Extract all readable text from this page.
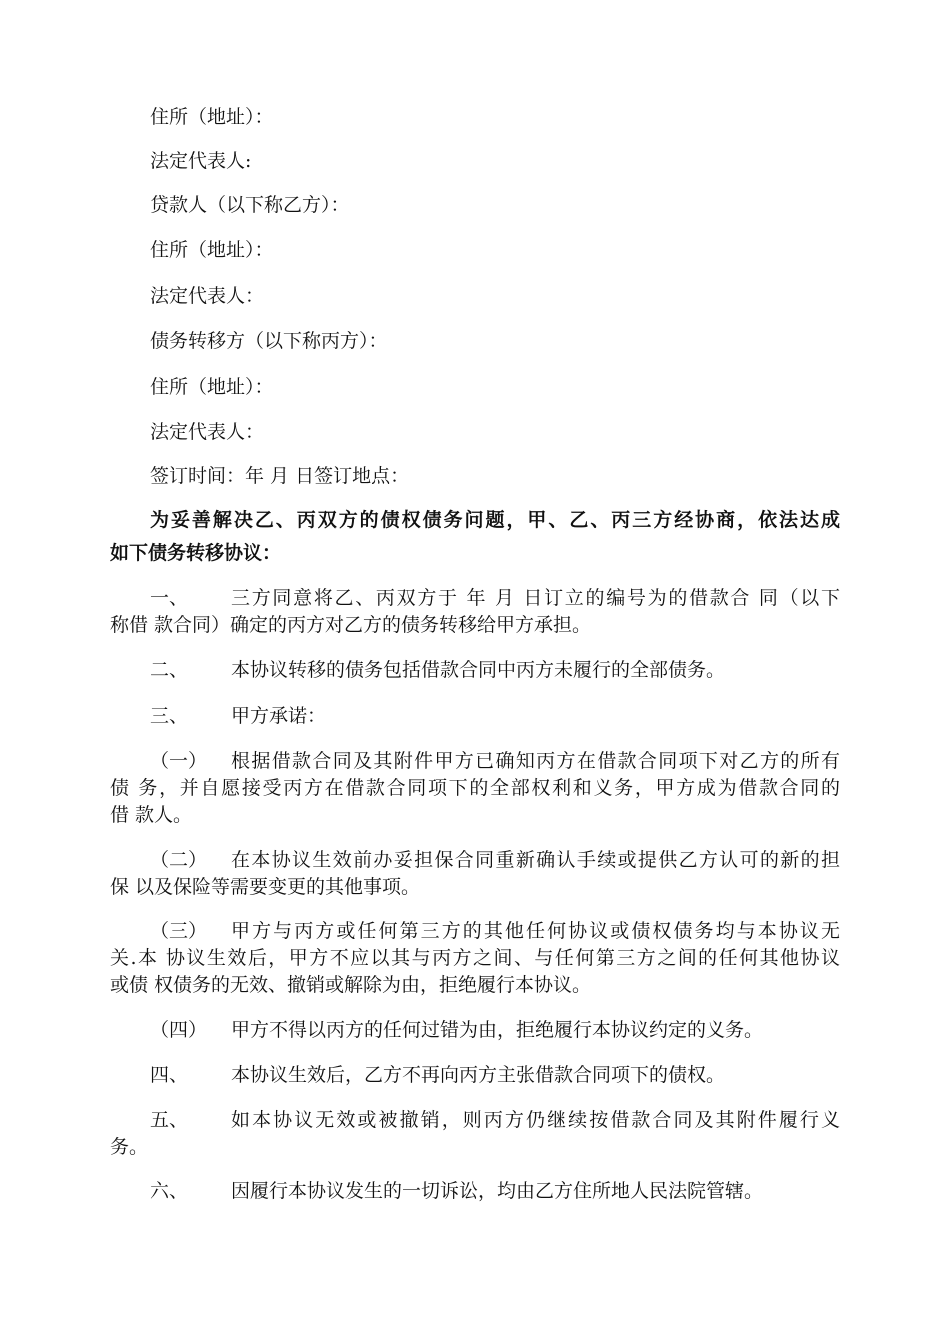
住所（地址）：
法定代表人:
贷款人（以下称乙方）：
住所（地址）：
法定代表人：
债务转移方（以下称丙方）：
住所（地址）：
法定代表人：
签订时间：年 月 日签订地点：
为妥善解决乙、丙双方的债权债务问题，甲、乙、丙三方经协商，依法达成
如下债务转移协议：
一、 三方同意将乙、丙双方于 年 月 日订立的编号为的借款合 同（以下
称借 款合同）确定的丙方对乙方的债务转移给甲方承担。
二、 本协议转移的债务包括借款合同中丙方未履行的全部债务。
三、 甲方承诺：
（一） 根据借款合同及其附件甲方已确知丙方在借款合同项下对乙方的所有
债 务，并自愿接受丙方在借款合同项下的全部权利和义务，甲方成为借款合同的
借 款人。
（二） 在本协议生效前办妥担保合同重新确认手续或提供乙方认可的新的担
保 以及保险等需要变更的其他事项。
（三） 甲方与丙方或任何第三方的其他任何协议或债权债务均与本协议无
关.本 协议生效后，甲方不应以其与丙方之间、与任何第三方之间的任何其他协议
或债 权债务的无效、撤销或解除为由，拒绝履行本协议。
（四） 甲方不得以丙方的任何过错为由，拒绝履行本协议约定的义务。
四、 本协议生效后，乙方不再向丙方主张借款合同项下的债权。
五、 如本协议无效或被撤销，则丙方仍继续按借款合同及其附件履行义
务。
六、 因履行本协议发生的一切诉讼，均由乙方住所地人民法院管辖。
